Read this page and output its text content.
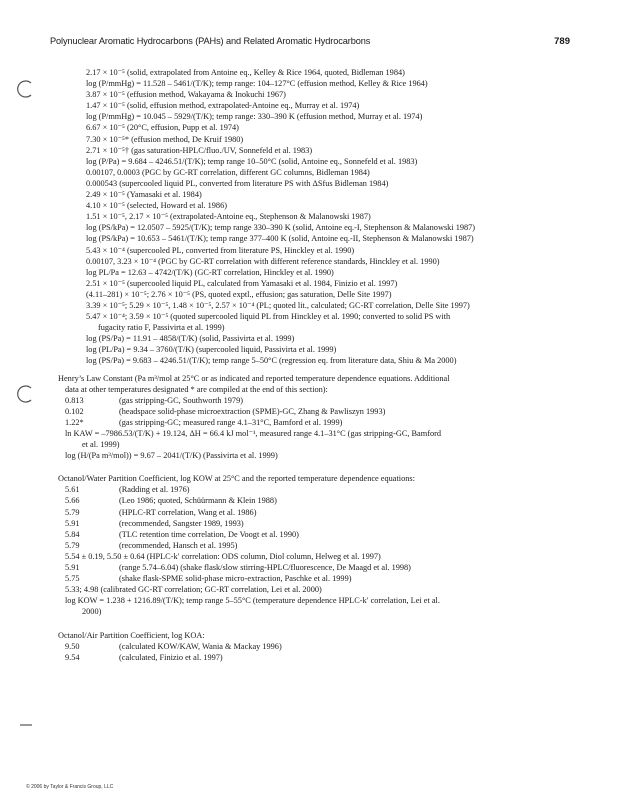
Polynuclear Aromatic Hydrocarbons (PAHs) and Related Aromatic Hydrocarbons	789
2.17 × 10⁻⁵ (solid, extrapolated from Antoine eq., Kelley & Rice 1964, quoted, Bidleman 1984)
log (P/mmHg) = 11.528 – 5461/(T/K); temp range: 104–127°C (effusion method, Kelley & Rice 1964)
3.87 × 10⁻⁵ (effusion method, Wakayama & Inokuchi 1967)
1.47 × 10⁻⁵ (solid, effusion method, extrapolated-Antoine eq., Murray et al. 1974)
log (P/mmHg) = 10.045 – 5929/(T/K); temp range: 330–390 K (effusion method, Murray et al. 1974)
6.67 × 10⁻⁵ (20°C, effusion, Pupp et al. 1974)
7.30 × 10⁻⁵* (effusion method, De Kruif 1980)
2.71 × 10⁻⁵† (gas saturation-HPLC/fluo./UV, Sonnefeld et al. 1983)
log (P/Pa) = 9.684 – 4246.51/(T/K); temp range 10–50°C (solid, Antoine eq., Sonnefeld et al. 1983)
0.00107, 0.0003 (PGC by GC-RT correlation, different GC columns, Bidleman 1984)
0.000543 (supercooled liquid PL, converted from literature PS with ΔSfus Bidleman 1984)
2.49 × 10⁻⁵ (Yamasaki et al. 1984)
4.10 × 10⁻⁵ (selected, Howard et al. 1986)
1.51 × 10⁻⁵, 2.17 × 10⁻⁵ (extrapolated-Antoine eq., Stephenson & Malanowski 1987)
log (PS/kPa) = 12.0507 – 5925/(T/K); temp range 330–390 K (solid, Antoine eq.-I, Stephenson & Malanowski 1987)
log (PS/kPa) = 10.653 – 5461/(T/K); temp range 377–400 K (solid, Antoine eq.-II, Stephenson & Malanowski 1987)
5.43 × 10⁻⁴ (supercooled PL, converted from literature PS, Hinckley et al. 1990)
0.00107, 3.23 × 10⁻⁴ (PGC by GC-RT correlation with different reference standards, Hinckley et al. 1990)
log PL/Pa = 12.63 – 4742/(T/K) (GC-RT correlation, Hinckley et al. 1990)
2.51 × 10⁻⁵ (supercooled liquid PL, calculated from Yamasaki et al. 1984, Finizio et al. 1997)
(4.11–281) × 10⁻⁵; 2.76 × 10⁻⁵ (PS, quoted exptl., effusion; gas saturation, Delle Site 1997)
3.39 × 10⁻⁵; 5.29 × 10⁻⁵, 1.48 × 10⁻⁵, 2.57 × 10⁻⁴ (PL; quoted lit., calculated; GC-RT correlation, Delle Site 1997)
5.47 × 10⁻⁴; 3.59 × 10⁻⁵ (quoted supercooled liquid PL from Hinckley et al. 1990; converted to solid PS with
fugacity ratio F, Passivirta et al. 1999)
log (PS/Pa) = 11.91 – 4858/(T/K) (solid, Passivirta et al. 1999)
log (PL/Pa) = 9.34 – 3760/(T/K) (supercooled liquid, Passivirta et al. 1999)
log (PS/Pa) = 9.683 – 4246.51/(T/K); temp range 5–50°C (regression eq. from literature data, Shiu & Ma 2000)
Henry’s Law Constant (Pa m³/mol at 25°C or as indicated and reported temperature dependence equations. Additional
data at other temperatures designated * are compiled at the end of this section):
0.813	(gas stripping-GC, Southworth 1979)
0.102	(headspace solid-phase microextraction (SPME)-GC, Zhang & Pawliszyn 1993)
1.22*	(gas stripping-GC; measured range 4.1–31°C, Bamford et al. 1999)
ln KAW = –7986.53/(T/K) + 19.124, ΔH = 66.4 kJ mol⁻¹, measured range 4.1–31°C (gas stripping-GC, Bamford
et al. 1999)
log (H/(Pa m³/mol)) = 9.67 – 2041/(T/K) (Passivirta et al. 1999)
Octanol/Water Partition Coefficient, log KOW at 25°C and the reported temperature dependence equations:
5.61	(Radding et al. 1976)
5.66	(Leo 1986; quoted, Schüürmann & Klein 1988)
5.79	(HPLC-RT correlation, Wang et al. 1986)
5.91	(recommended, Sangster 1989, 1993)
5.84	(TLC retention time correlation, De Voogt et al. 1990)
5.79	(recommended, Hansch et al. 1995)
5.54 ± 0.19, 5.50 ± 0.64 (HPLC-k′ correlation: ODS column, Diol column, Helweg et al. 1997)
5.91	(range 5.74–6.04) (shake flask/slow stirring-HPLC/fluorescence, De Maagd et al. 1998)
5.75	(shake flask-SPME solid-phase micro-extraction, Paschke et al. 1999)
5.33; 4.98 (calibrated GC-RT correlation; GC-RT correlation, Lei et al. 2000)
log KOW = 1.238 + 1216.89/(T/K); temp range 5–55°C (temperature dependence HPLC-k′ correlation, Lei et al.
2000)
Octanol/Air Partition Coefficient, log KOA:
9.50	(calculated KOW/KAW, Wania & Mackay 1996)
9.54	(calculated, Finizio et al. 1997)
© 2006 by Taylor & Francis Group, LLC
